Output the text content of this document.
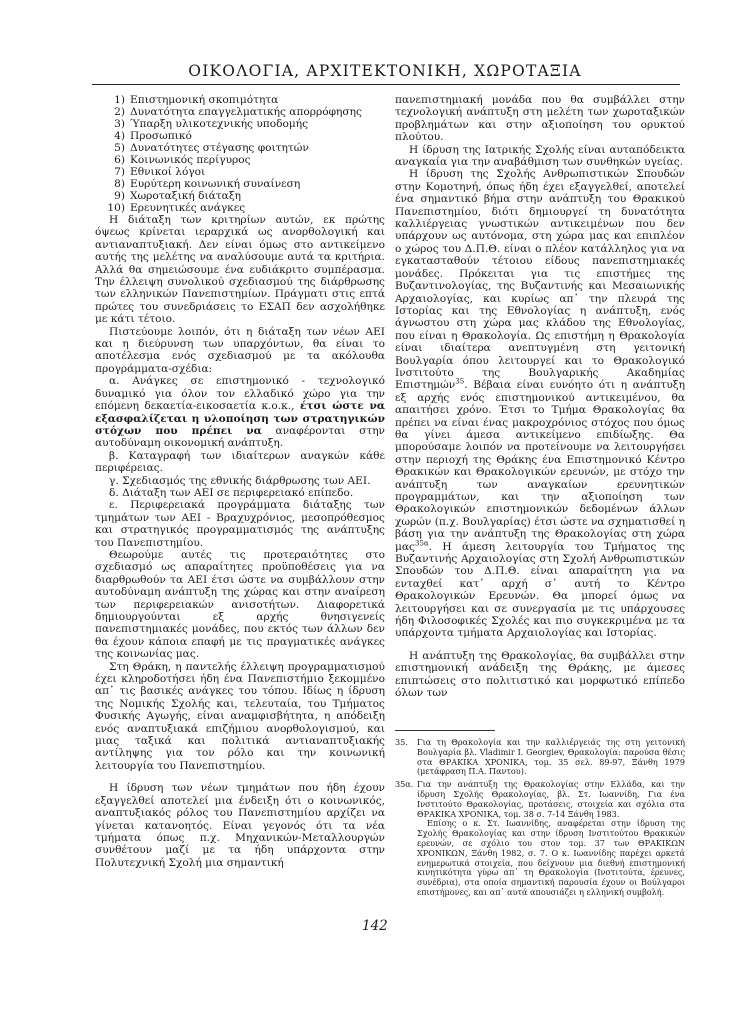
ΟΙΚΟΛΟΓΙΑ, ΑΡΧΙΤΕΚΤΟΝΙΚΗ, ΧΩΡΟΤΑΞΙΑ
1) Επιστημονική σκοπιμότητα
2) Δυνατότητα επαγγελματικής απορρόφησης
3) Ύπαρξη υλικοτεχνικής υποδομής
4) Προσωπικό
5) Δυνατότητες στέγασης φοιτητών
6) Κοινωνικός περίγυρος
7) Εθνικοί λόγοι
8) Ευρύτερη κοινωνική συναίνεση
9) Χωροταξική διάταξη
10) Ερευνητικές ανάγκες

Η διάταξη των κριτηρίων αυτών, εκ πρώτης όψεως κρίνεται ιεραρχικά ως ανορθολογική και αντιαναπτυξιακή. Δεν είναι όμως στο αντικείμενο αυτής της μελέτης να αναλύσουμε αυτά τα κριτήρια. Αλλά θα σημειώσουμε ένα ευδιάκριτο συμπέρασμα. Την έλλειψη συνολικού σχεδιασμού της διάρθρωσης των ελληνικών Πανεπιστημίων. Πράγματι στις επτά πρώτες του συνεδριάσεις το ΕΣΑΠ δεν ασχολήθηκε με κάτι τέτοιο.

Πιστεύουμε λοιπόν, ότι η διάταξη των νέων ΑΕΙ και η διεύρυνση των υπαρχόντων, θα είναι το αποτέλεσμα ενός σχεδιασμού με τα ακόλουθα προγράμματα-σχέδια:

α. Ανάγκες σε επιστημονικό - τεχνολογικό δυναμικό για όλον τον ελλαδικό χώρο για την επόμενη δεκαετία-εικοσαετία κ.ο.κ., έτσι ώστε να εξασφαλίζεται η υλοποίηση των στρατηγικών στόχων που πρέπει να αναφέρονται στην αυτοδύναμη οικονομική ανάπτυξη.

β. Καταγραφή των ιδιαίτερων αναγκών κάθε περιφέρειας.

γ. Σχεδιασμός της εθνικής διάρθρωσης των ΑΕΙ.

δ. Διάταξη των ΑΕΙ σε περιφερειακό επίπεδο.

ε. Περιφερειακά προγράμματα διάταξης των τμημάτων των ΑΕΙ - Βραχυχρόνιος, μεσοπρόθεσμος και στρατηγικός προγραμματισμός της ανάπτυξης του Πανεπιστημίου.

Θεωρούμε αυτές τις προτεραιότητες στο σχεδιασμό ως απαραίτητες προϋποθέσεις για να διαρθρωθούν τα ΑΕΙ έτσι ώστε να συμβάλλουν στην αυτοδύναμη ανάπτυξη της χώρας και στην αναίρεση των περιφερειακών ανισοτήτων. Διαφορετικά δημιουργούνται εξ αρχής θνησιγενείς πανεπιστημιακές μονάδες, που εκτός των άλλων δεν θα έχουν κάποια επαφή με τις πραγματικές ανάγκες της κοινωνίας μας.

Στη Θράκη, η παντελής έλλειψη προγραμματισμού έχει κληροδοτήσει ήδη ένα Πανεπιστήμιο ξεκομμένο απ᾽ τις βασικές ανάγκες του τόπου. Ιδίως η ίδρυση της Νομικής Σχολής και, τελευταία, του Τμήματος Φυσικής Αγωγής, είναι αναμφισβήτητα, η απόδειξη ενός αναπτυξιακά επιζήμιου ανορθολογισμού, και μιας ταξικά και πολιτικά αντιαναπτυξιακής αντίληψης για τον ρόλο και την κοινωνική λειτουργία του Πανεπιστημίου.

Η ίδρυση των νέων τμημάτων που ήδη έχουν εξαγγελθεί αποτελεί μια ένδειξη ότι ο κοινωνικός, αναπτυξιακός ρόλος του Πανεπιστημίου αρχίζει να γίνεται κατανοητός. Είναι γεγονός ότι τα νέα τμήματα όπως π.χ. Μηχανικών-Μεταλλουργών συνθέτουν μαζί με τα ήδη υπάρχοντα στην Πολυτεχνική Σχολή μια σημαντική

πανεπιστημιακή μονάδα που θα συμβάλλει στην τεχνολογική ανάπτυξη στη μελέτη των χωροταξικών προβλημάτων και στην αξιοποίηση του ορυκτού πλούτου.

Η ίδρυση της Ιατρικής Σχολής είναι αυταπόδεικτα αναγκαία για την αναβάθμιση των συνθηκών υγείας.

Η ίδρυση της Σχολής Ανθρωπιστικών Σπουδών στην Κομοτηνή, όπως ήδη έχει εξαγγελθεί, αποτελεί ένα σημαντικό βήμα στην ανάπτυξη του Θρακικού Πανεπιστημίου, διότι δημιουργεί τη δυνατότητα καλλιέργειας γνωστικών αντικειμένων που δεν υπάρχουν ως αυτόνομα, στη χώρα μας και επιπλέον ο χώρος του Δ.Π.Θ. είναι ο πλέον κατάλληλος για να εγκατασταθούν τέτοιου είδους πανεπιστημιακές μονάδες. Πρόκειται για τις επιστήμες της Βυζαντινολογίας, της Βυζαντινής και Μεσαιωνικής Αρχαιολογίας, και κυρίως απ᾽ την πλευρά της Ιστορίας και της Εθνολογίας η ανάπτυξη, ενός άγνωστου στη χώρα μας κλάδου της Εθνολογίας, που είναι η Θρακολογία. Ως επιστήμη η Θρακολογία είναι ιδιαίτερα ανεπτυγμένη στη γειτονική Βουλγαρία όπου λειτουργεί και το Θρακολογικό Ινστιτούτο της Βουλγαρικής Ακαδημίας Επιστημών$^{35}$. Βέβαια είναι ευνόητο ότι η ανάπτυξη εξ αρχής ενός επιστημονικού αντικειμένου, θα απαιτήσει χρόνο. Έτσι το Τμήμα Θρακολογίας θα πρέπει να είναι ένας μακροχρόνιος στόχος που όμως θα γίνει άμεσα αντικείμενο επιδίωξης. Θα μπορούσαμε λοιπόν να προτείνουμε να λειτουργήσει στην περιοχή της Θράκης ένα Επιστημονικό Κέντρο Θρακικών και Θρακολογικών ερευνών, με στόχο την ανάπτυξη των αναγκαίων ερευνητικών προγραμμάτων, και την αξιοποίηση των Θρακολογικών επιστημονικών δεδομένων άλλων χωρών (π.χ. Βουλγαρίας) έτσι ώστε να σχηματισθεί η βάση για την ανάπτυξη της Θρακολογίας στη χώρα μας$^{35\alpha}$. Η άμεση λειτουργία του Τμήματος της Βυζαντινής Αρχαιολογίας στη Σχολή Ανθρωπιστικών Σπουδών του Δ.Π.Θ. είναι απαραίτητη για να ενταχθεί κατ᾽ αρχή σ᾽ αυτή το Κέντρο Θρακολογικών Ερευνών. Θα μπορεί όμως να λειτουργήσει και σε συνεργασία με τις υπάρχουσες ήδη Φιλοσοφικές Σχολές και πιο συγκεκριμένα με τα υπάρχοντα τμήματα Αρχαιολογίας και Ιστορίας.

Η ανάπτυξη της Θρακολογίας, θα συμβάλλει στην επιστημονική ανάδειξη της Θράκης, με άμεσες επιπτώσεις στο πολιτιστικό και μορφωτικό επίπεδο όλων των

35.	Για τη Θρακολογία και την καλλιέργειάς της στη γειτονική Βουλγαρία βλ. Vladimir I. Georgiev, Θρακολογία: παρούσα θέσις στα ΘΡΑΚΙΚΑ ΧΡΟΝΙΚΑ, τομ. 35 σελ. 89-97, Ξάνθη 1979 (μετάφραση Π.Α. Παντου).
35α. Για την ανάπτυξη της Θρακολογίας στην Ελλάδα, και την ίδρυση Σχολής Θρακολογίας, βλ. Στ. Ιωαννίδη, Για ένα Ινστιτούτο Θρακολογίας, προτάσεις, στοιχεία και σχόλια στα ΘΡΑΚΙΚΑ ΧΡΟΝΙΚΑ, τομ. 38 σ. 7-14 Ξάνθη 1983.
Επίσης ο κ. Στ. Ιωαννίδης, αναφέρεται στην ίδρυση της Σχολής Θρακολογίας και στην ίδρυση Ινστιτούτου Θρακικών ερευνών, σε σχόλιο του στον τομ. 37 των ΘΡΑΚΙΚΩΝ ΧΡΟΝΙΚΩΝ, Ξάνθη 1982, σ. 7. Ο κ. Ιωαννίδης παρέχει αρκετά ενημερωτικά στοιχεία, που δείχνουν μια διεθνή επιστημονική κινητικότητα γύρω απ᾽ τη Θρακολογία (Ινστιτούτα, έρευνες, συνέδρια), στα οποία σημαντική παρουσία έχουν οι Βούλγαροι επιστήμονες, και απ᾽ αυτά απουσιάζει η ελληνική συμβολή.
142
